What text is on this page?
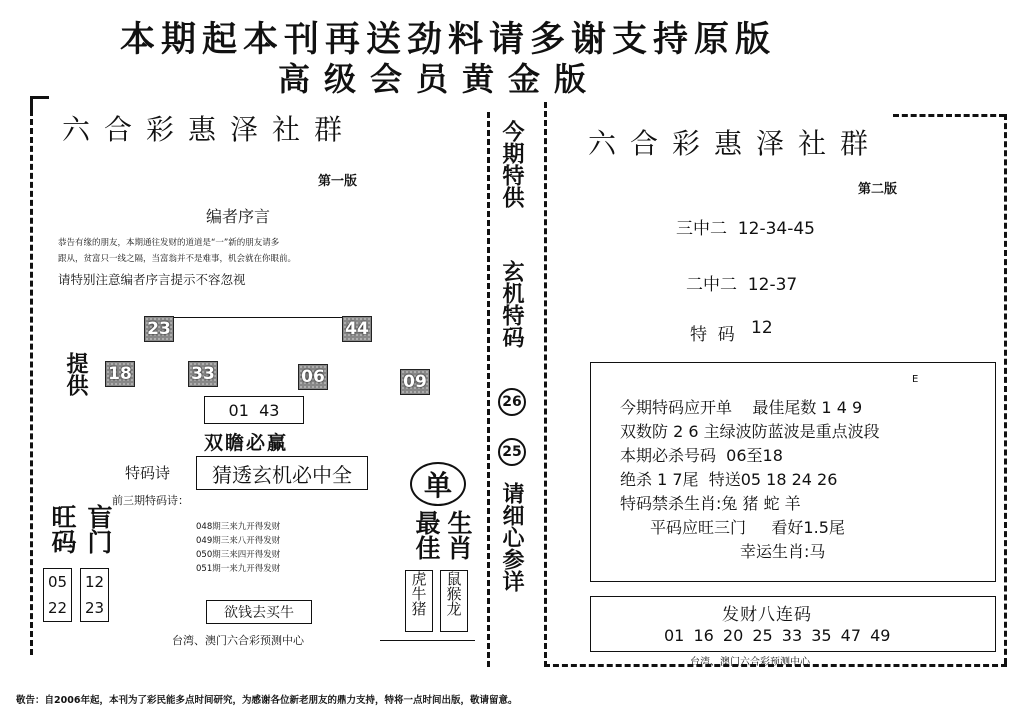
本期起本刊再送劲料请多谢支持原版
高级会员黄金版
六合彩惠泽社群
第一版
编者序言
恭告有缘的朋友，本期通往发财的道道是“一”新的朋友请多
跟从，贫富只一线之隔，当富翁并不是难事，机会就在你眼前。
请特别注意编者序言提示不容忽视
23	44
提供 18	33	06	09
01  43
双瞻必赢
特码诗 猜透玄机必中全
前三期特码诗：
048期三来九开得发财
049期三来八开得发财
050期三来四开得发财
051期一来九开得发财
旺码 盲门
05
22
12
23
单
最佳 生肖
虎牛猪	鼠猴龙
欲钱去买牛
台湾、澳门六合彩预测中心
今期特供
玄机特码
26
25
请细心参详
六合彩惠泽社群
第二版
三中二  12-34-45
二中二  12-37
特  码 12
E
今期特码应开单    最佳尾数 1 4 9
双数防 2 6 主绿波防蓝波是重点波段
本期必杀号码  06至18
绝杀 1 7尾  特送05 18 24 26
特码禁杀生肖:兔 猪 蛇 羊
平码应旺三门     看好1.5尾
幸运生肖:马
发财八连码
01 16 20 25 33 35 47 49
台湾、澳门六合彩预测中心
敬告：自2006年起，本刊为了彩民能多点时间研究，为感谢各位新老朋友的鼎力支持，特将一点时间出版，敬请留意。
